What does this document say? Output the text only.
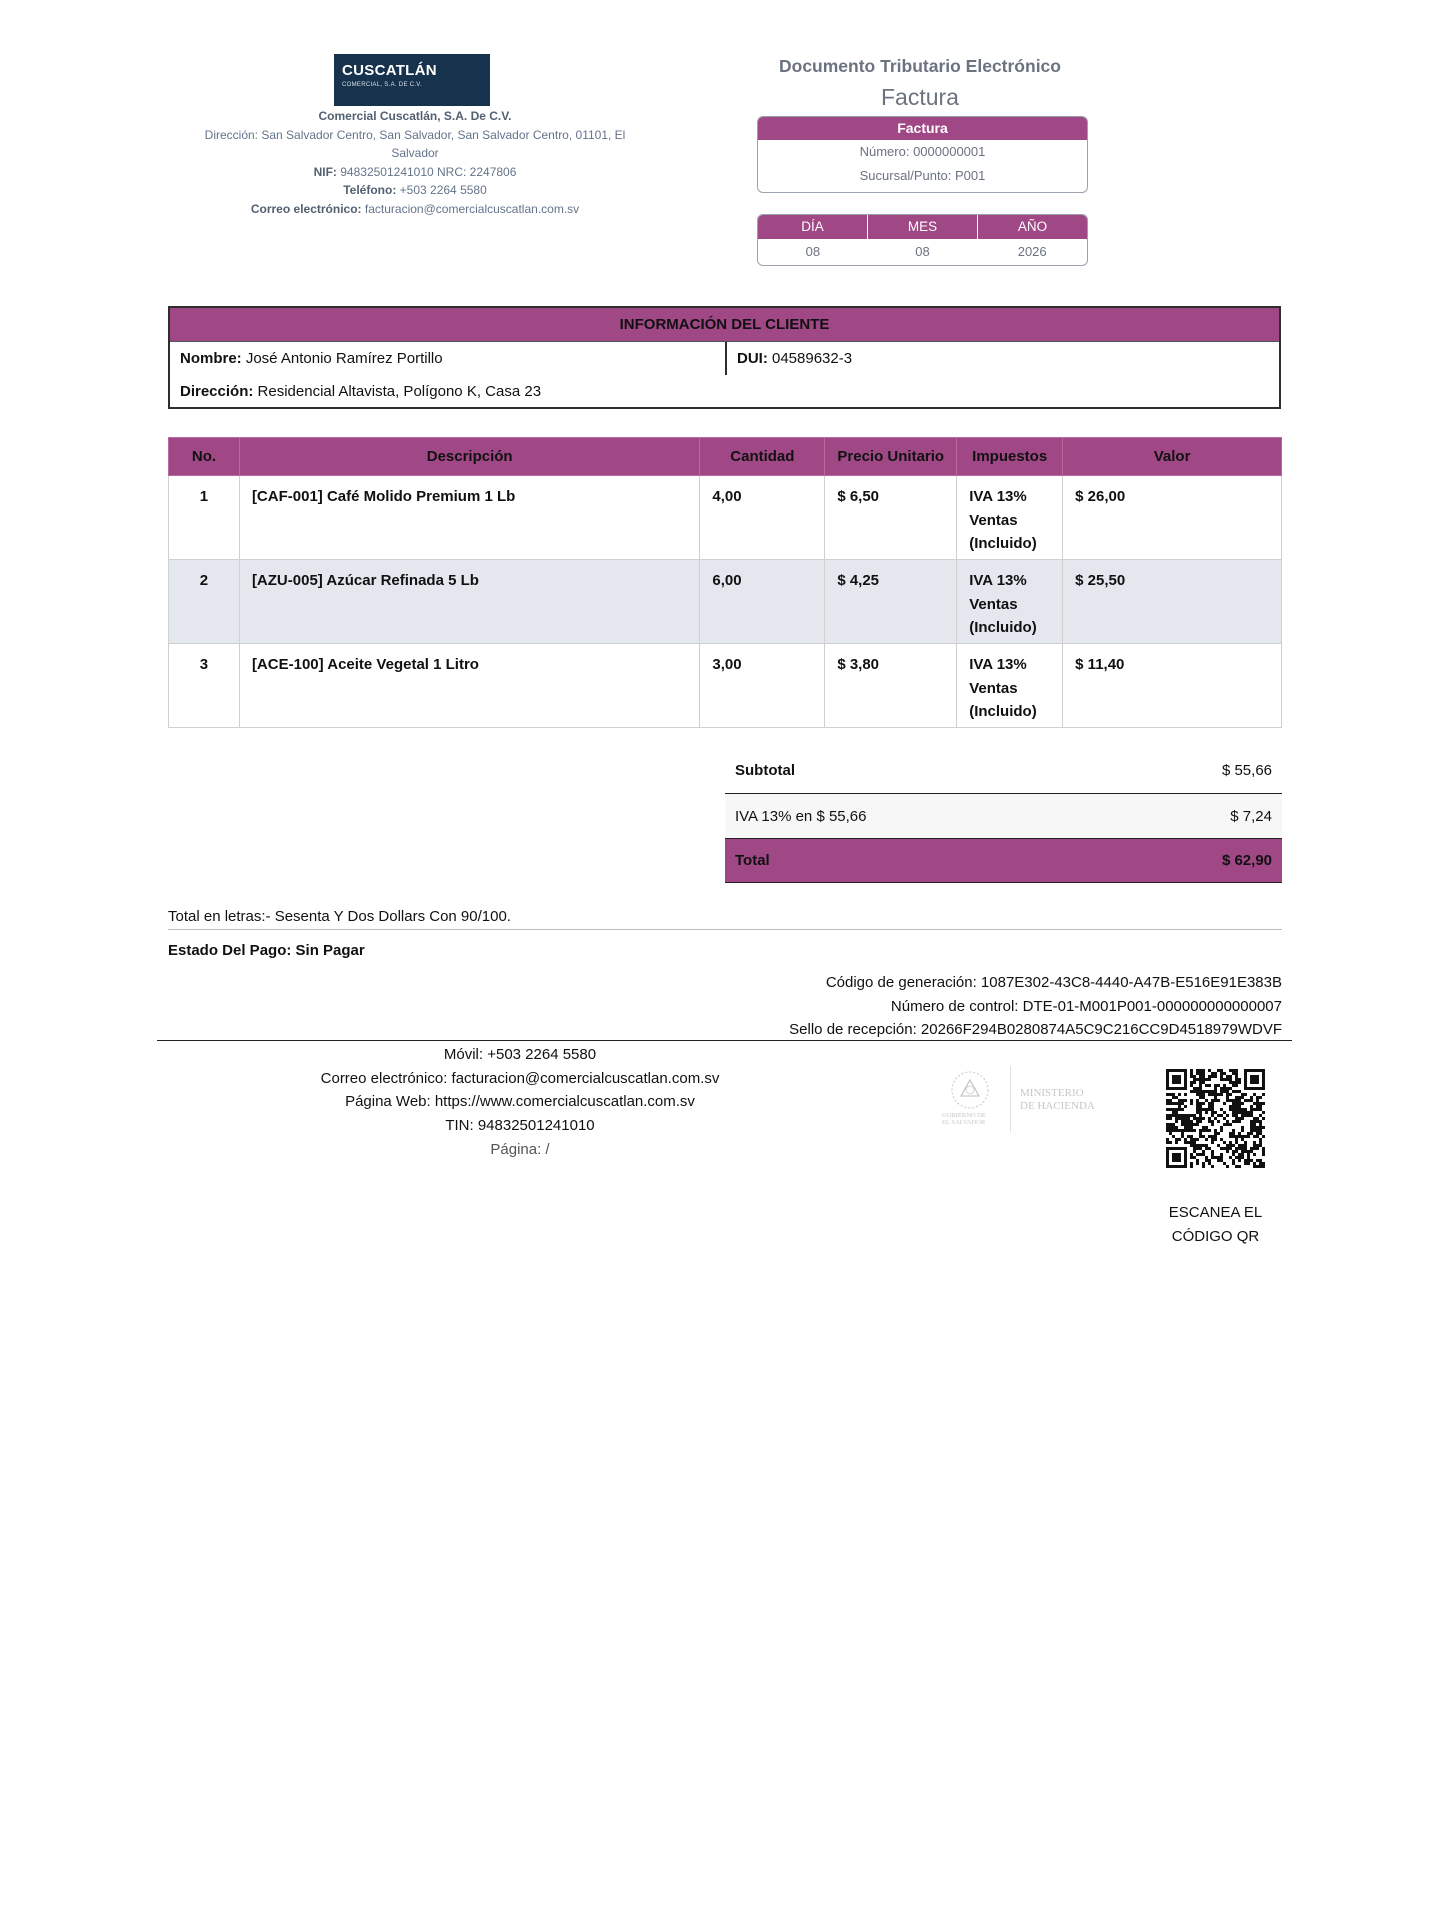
CUSCATLÁN
COMERCIAL, S.A. DE C.V.
Comercial Cuscatlán, S.A. De C.V.
Dirección: San Salvador Centro, San Salvador, San Salvador Centro, 01101, El Salvador
NIF: 94832501241010 NRC: 2247806
Teléfono: +503 2264 5580
Correo electrónico: facturacion@comercialcuscatlan.com.sv
Documento Tributario Electrónico
Factura
Factura
Número: 0000000001
Sucursal/Punto: P001
DÍA	MES	AÑO
08	08	2026
INFORMACIÓN DEL CLIENTE
Nombre: José Antonio Ramírez Portillo	DUI: 04589632-3
Dirección: Residencial Altavista, Polígono K, Casa 23
No.	Descripción	Cantidad	Precio Unitario	Impuestos	Valor
1	[CAF-001] Café Molido Premium 1 Lb	4,00	$ 6,50	IVA 13%
Ventas
(Incluido)	$ 26,00
2	[AZU-005] Azúcar Refinada 5 Lb	6,00	$ 4,25	IVA 13%
Ventas
(Incluido)	$ 25,50
3	[ACE-100] Aceite Vegetal 1 Litro	3,00	$ 3,80	IVA 13%
Ventas
(Incluido)	$ 11,40
Subtotal	$ 55,66
IVA 13% en $ 55,66	$ 7,24
Total	$ 62,90
Total en letras:- Sesenta Y Dos Dollars Con 90/100.
Estado Del Pago: Sin Pagar
Código de generación: 1087E302-43C8-4440-A47B-E516E91E383B
Número de control: DTE-01-M001P001-000000000000007
Sello de recepción: 20266F294B0280874A5C9C216CC9D4518979WDVF
Móvil: +503 2264 5580
Correo electrónico: facturacion@comercialcuscatlan.com.sv
Página Web: https://www.comercialcuscatlan.com.sv
TIN: 94832501241010
Página: /
GOBIERNO DE
EL SALVADOR
MINISTERIO
DE HACIENDA
ESCANEA EL
CÓDIGO QR
